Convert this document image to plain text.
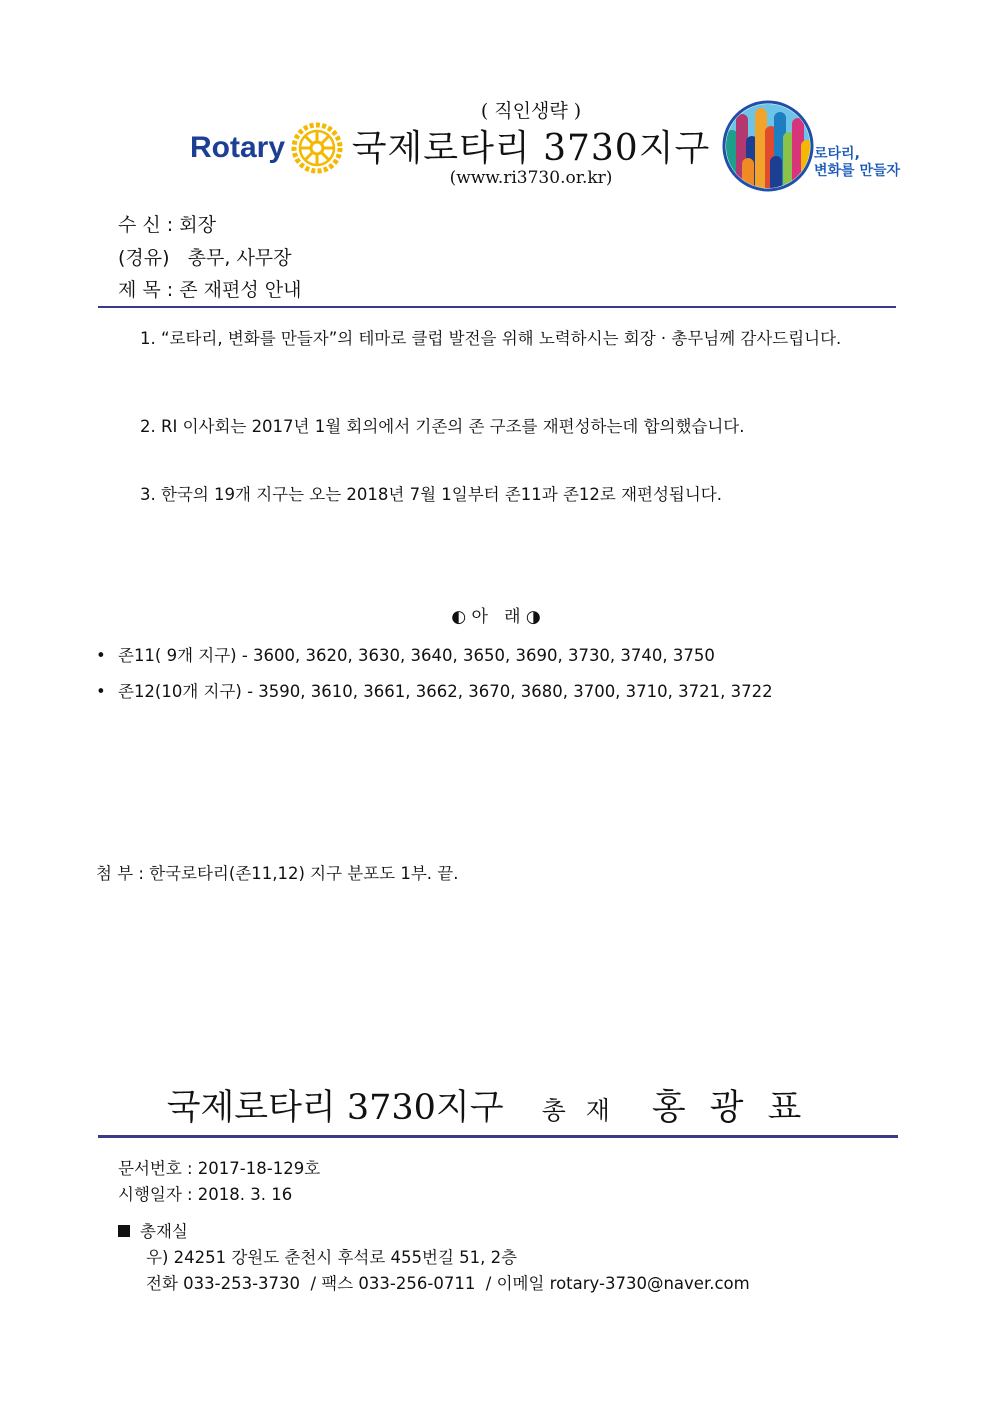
Rotary
( 직인생략 )
국제로타리 3730지구
(www.ri3730.or.kr)
로타리,
변화를 만들자
수 신 : 회장
(경유)   총무, 사무장
제 목 : 존 재편성 안내
1. “로타리, 변화를 만들자”의 테마로 클럽 발전을 위해 노력하시는 회장 · 총무님께 감사드립니다.
2. RI 이사회는 2017년 1월 회의에서 기존의 존 구조를 재편성하는데 합의했습니다.
3. 한국의 19개 지구는 오는 2018년 7월 1일부터 존11과 존12로 재편성됩니다.
◐ 아   래 ◑
• 존11( 9개 지구) - 3600, 3620, 3630, 3640, 3650, 3690, 3730, 3740, 3750
• 존12(10개 지구) - 3590, 3610, 3661, 3662, 3670, 3680, 3700, 3710, 3721, 3722
첨 부 : 한국로타리(존11,12) 지구 분포도 1부. 끝.
국제로타리 3730지구 총재 홍광표
문서번호 : 2017-18-129호
시행일자 : 2018. 3. 16
총재실
우) 24251 강원도 춘천시 후석로 455번길 51, 2층
전화 033-253-3730  / 팩스 033-256-0711  / 이메일 rotary-3730@naver.com
